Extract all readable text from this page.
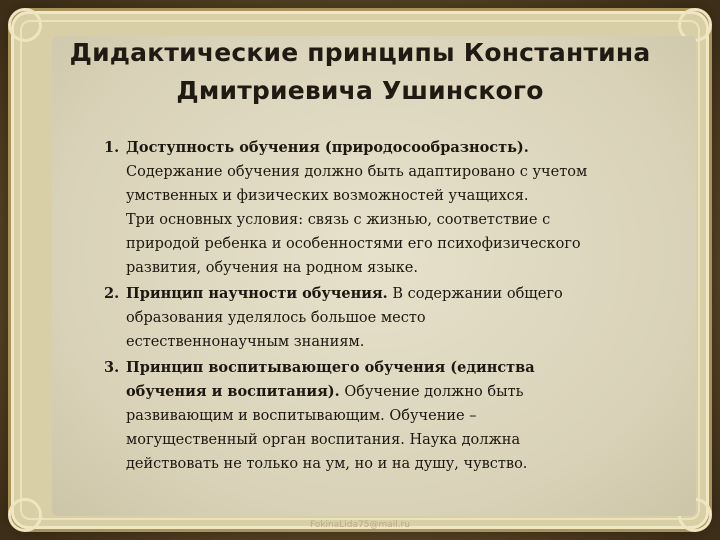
Дидактические принципы Константина
Дмитриевича Ушинского
1. Доступность обучения (природосообразность).
Содержание обучения должно быть адаптировано с учетом
умственных и физических возможностей учащихся.
Три основных условия: связь с жизнью, соответствие с
природой ребенка и особенностями его психофизического
развития, обучения на родном языке.
2. Принцип научности обучения. В содержании общего
образования уделялось большое место
естественнонаучным знаниям.
3. Принцип воспитывающего обучения (единства
обучения и воспитания). Обучение должно быть
развивающим и воспитывающим. Обучение –
могущественный орган воспитания. Наука должна
действовать не только на ум, но и на душу, чувство.
FokinaLida75@mail.ru
